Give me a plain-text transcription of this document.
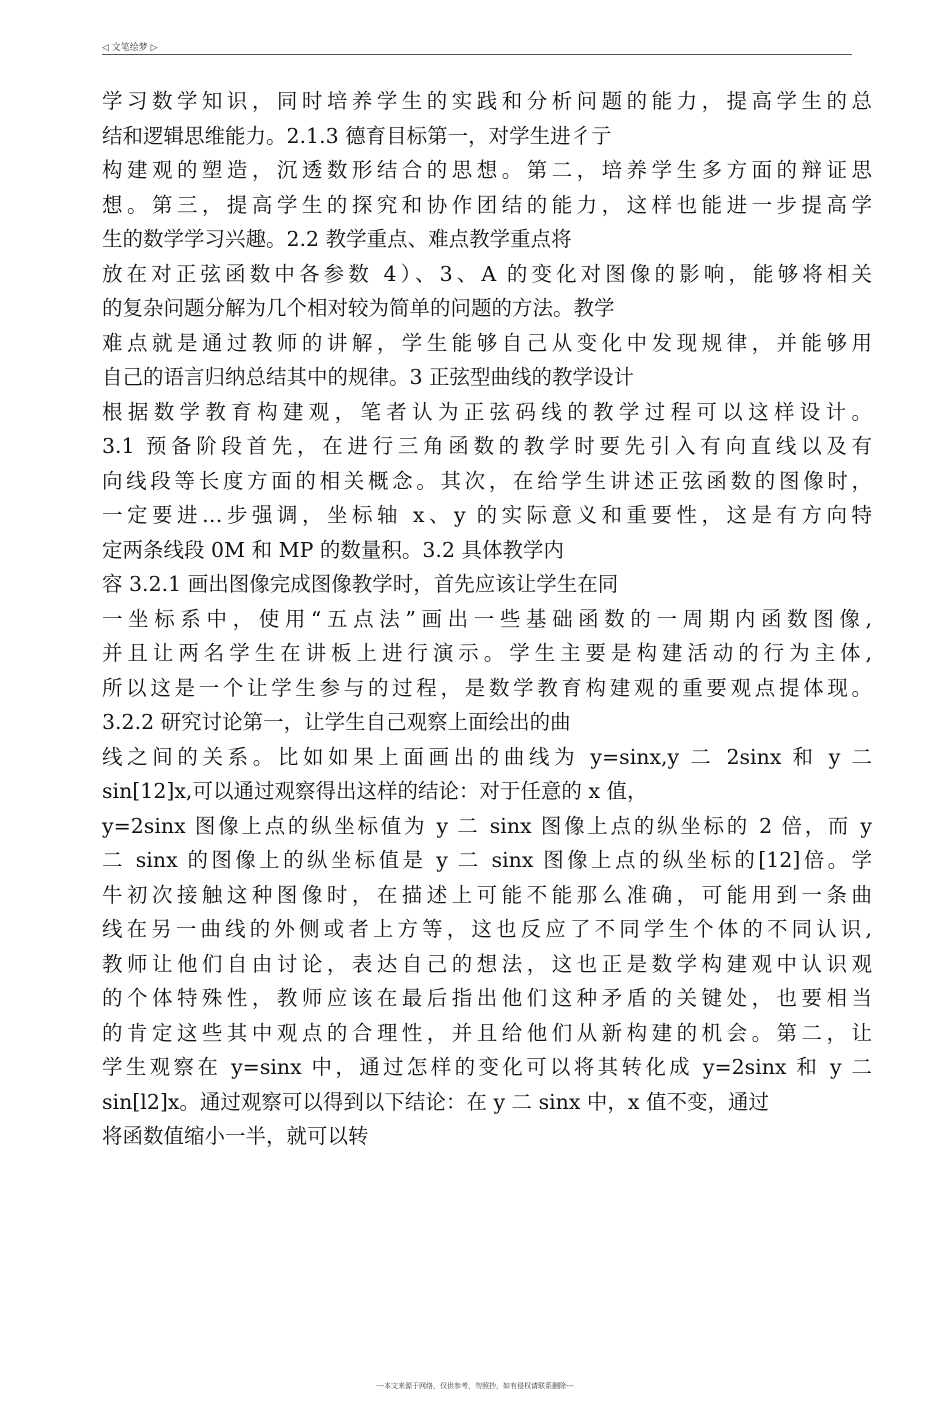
◁ 文笔绘梦 ▷
学习数学知识，同时培养学生的实践和分析问题的能力，提高学生的总
结和逻辑思维能力。2.1.3 德育目标第一，对学生进彳亍
构建观的塑造，沉透数形结合的思想。第二，培养学生多方面的辩证思
想。第三，提高学生的探究和协作团结的能力，这样也能进一步提高学
生的数学学习兴趣。2.2 教学重点、难点教学重点将
放在对正弦函数中各参数 4）、3、A 的变化对图像的影响，能够将相关
的复杂问题分解为几个相对较为简单的问题的方法。教学
难点就是通过教师的讲解，学生能够自己从变化中发现规律，并能够用
自己的语言归纳总结其中的规律。3 正弦型曲线的教学设计
根据数学教育构建观，笔者认为正弦码线的教学过程可以这样设计。
3.1 预备阶段首先，在进行三角函数的教学时要先引入有向直线以及有
向线段等长度方面的相关概念。其次，在给学生讲述正弦函数的图像时，
一定要进…步强调，坐标轴 x、y 的实际意义和重要性，这是有方向特
定两条线段 0M 和 MP 的数量积。3.2 具体教学内
容 3.2.1 画出图像完成图像教学时，首先应该让学生在同
一坐标系中，使用“五点法”画出一些基础函数的一周期内函数图像,
并且让两名学生在讲板上进行演示。学生主要是构建活动的行为主体,
所以这是一个让学生参与的过程，是数学教育构建观的重要观点提体现。
3.2.2 研究讨论第一，让学生自己观察上面绘出的曲
线之间的关系。比如如果上面画出的曲线为 y=sinx,y 二 2sinx 和 y 二
sin[12]x,可以通过观察得出这样的结论：对于任意的 x 值，
y=2sinx 图像上点的纵坐标值为 y 二 sinx 图像上点的纵坐标的 2 倍，而 y
二 sinx 的图像上的纵坐标值是 y 二 sinx 图像上点的纵坐标的[12]倍。学
牛初次接触这种图像时，在描述上可能不能那么准确，可能用到一条曲
线在另一曲线的外侧或者上方等，这也反应了不同学生个体的不同认识,
教师让他们自由讨论，表达自己的想法，这也正是数学构建观中认识观
的个体特殊性，教师应该在最后指出他们这种矛盾的关键处，也要相当
的肯定这些其中观点的合理性，并且给他们从新构建的机会。第二，让
学生观察在 y=sinx 中，通过怎样的变化可以将其转化成 y=2sinx 和 y 二
sin[l2]x。通过观察可以得到以下结论：在 y 二 sinx 中，x 值不变，通过
将函数值缩小一半，就可以转
---本文来源于网络，仅供参考，勿照抄，如有侵权请联系删除---
